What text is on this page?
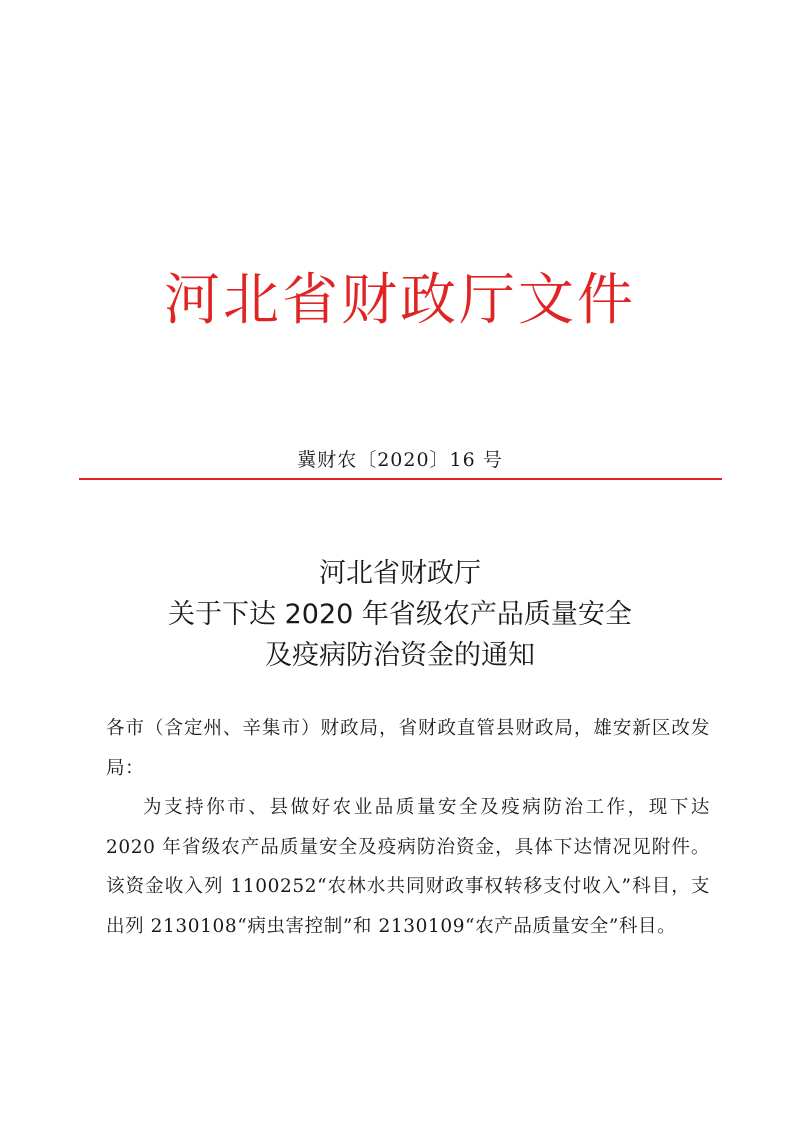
河北省财政厅文件
冀财农〔2020〕16 号
河北省财政厅
关于下达 2020 年省级农产品质量安全
及疫病防治资金的通知

各市（含定州、辛集市）财政局，省财政直管县财政局，雄安新区改发局：

为支持你市、县做好农业品质量安全及疫病防治工作，现下达 2020 年省级农产品质量安全及疫病防治资金，具体下达情况见附件。该资金收入列 1100252“农林水共同财政事权转移支付收入”科目，支出列 2130108“病虫害控制”和 2130109“农产品质量安全”科目。
